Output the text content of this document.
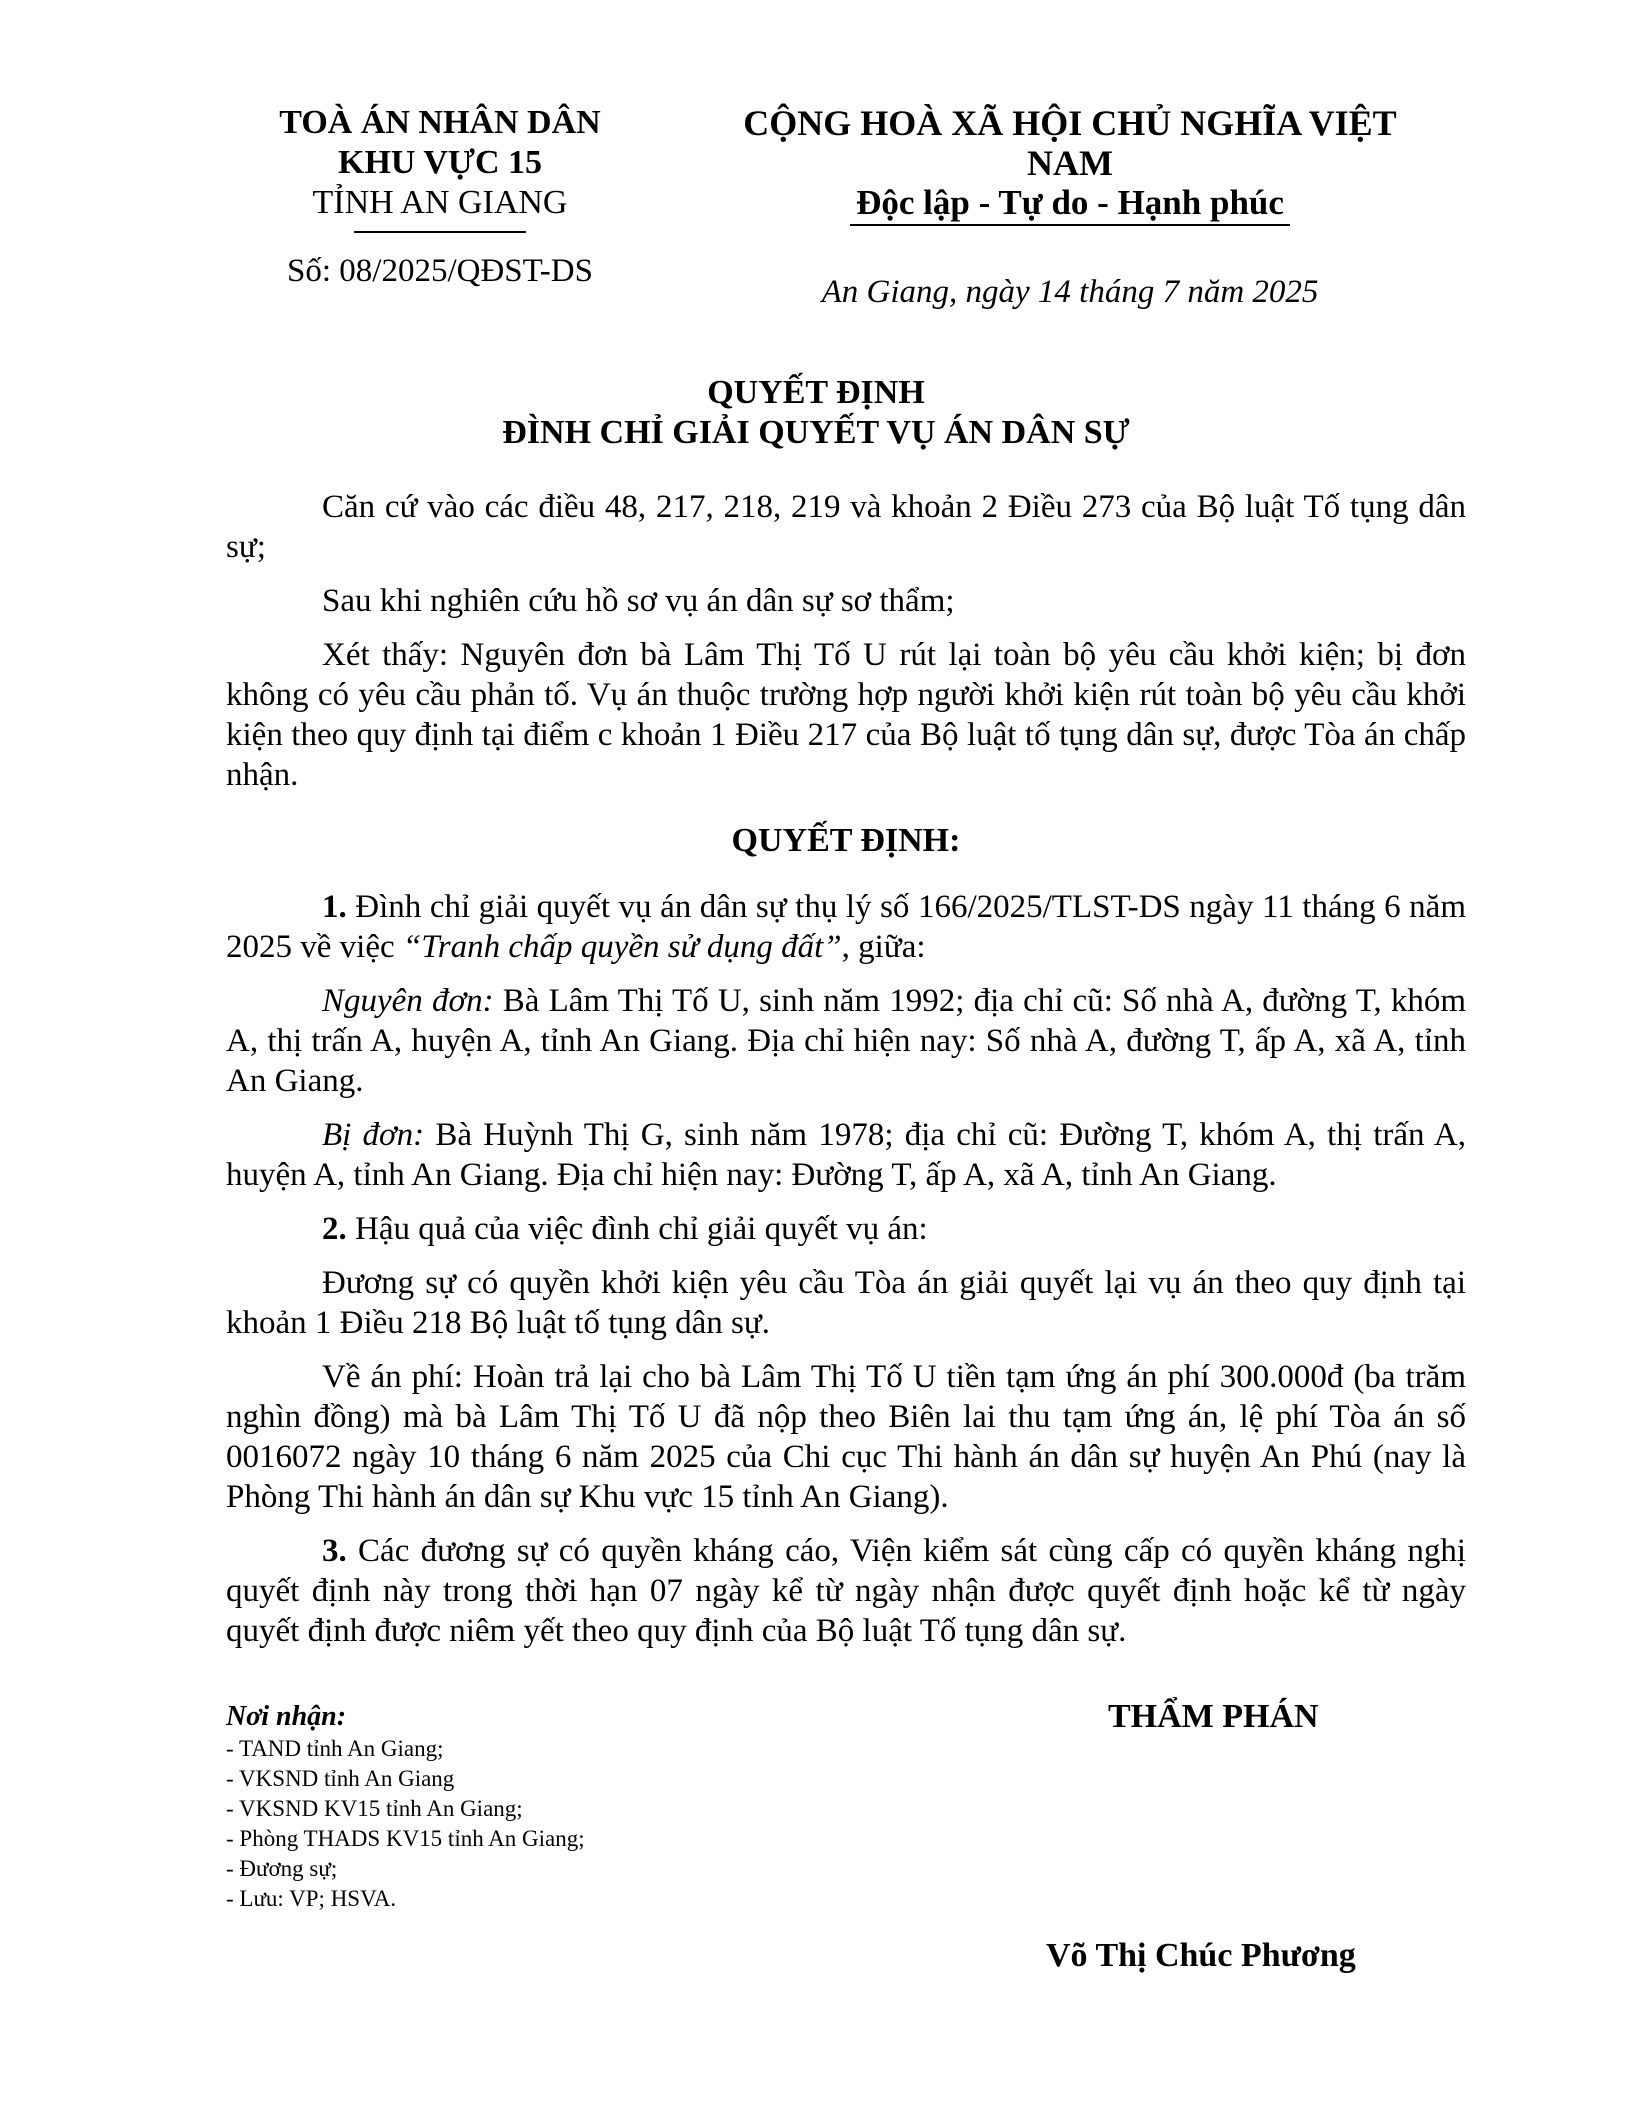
TOÀ ÁN NHÂN DÂN
KHU VỰC 15
TỈNH AN GIANG
Số: 08/2025/QĐST-DS
CỘNG HOÀ XÃ HỘI CHỦ NGHĨA VIỆT NAM
Độc lập - Tự do - Hạnh phúc
An Giang, ngày 14 tháng 7 năm 2025
QUYẾT ĐỊNH
ĐÌNH CHỈ GIẢI QUYẾT VỤ ÁN DÂN SỰ

Căn cứ vào các điều 48, 217, 218, 219 và khoản 2 Điều 273 của Bộ luật Tố tụng dân sự;

Sau khi nghiên cứu hồ sơ vụ án dân sự sơ thẩm;

Xét thấy: Nguyên đơn bà Lâm Thị Tố U rút lại toàn bộ yêu cầu khởi kiện; bị đơn không có yêu cầu phản tố. Vụ án thuộc trường hợp người khởi kiện rút toàn bộ yêu cầu khởi kiện theo quy định tại điểm c khoản 1 Điều 217 của Bộ luật tố tụng dân sự, được Tòa án chấp nhận.

QUYẾT ĐỊNH:

1. Đình chỉ giải quyết vụ án dân sự thụ lý số 166/2025/TLST-DS ngày 11 tháng 6 năm 2025 về việc “Tranh chấp quyền sử dụng đất”, giữa:

Nguyên đơn: Bà Lâm Thị Tố U, sinh năm 1992; địa chỉ cũ: Số nhà A, đường T, khóm A, thị trấn A, huyện A, tỉnh An Giang. Địa chỉ hiện nay: Số nhà A, đường T, ấp A, xã A, tỉnh An Giang.

Bị đơn: Bà Huỳnh Thị G, sinh năm 1978; địa chỉ cũ: Đường T, khóm A, thị trấn A, huyện A, tỉnh An Giang. Địa chỉ hiện nay: Đường T, ấp A, xã A, tỉnh An Giang.

2. Hậu quả của việc đình chỉ giải quyết vụ án:

Đương sự có quyền khởi kiện yêu cầu Tòa án giải quyết lại vụ án theo quy định tại khoản 1 Điều 218 Bộ luật tố tụng dân sự.

Về án phí: Hoàn trả lại cho bà Lâm Thị Tố U tiền tạm ứng án phí 300.000đ (ba trăm nghìn đồng) mà bà Lâm Thị Tố U đã nộp theo Biên lai thu tạm ứng án, lệ phí Tòa án số 0016072 ngày 10 tháng 6 năm 2025 của Chi cục Thi hành án dân sự huyện An Phú (nay là Phòng Thi hành án dân sự Khu vực 15 tỉnh An Giang).

3. Các đương sự có quyền kháng cáo, Viện kiểm sát cùng cấp có quyền kháng nghị quyết định này trong thời hạn 07 ngày kể từ ngày nhận được quyết định hoặc kể từ ngày quyết định được niêm yết theo quy định của Bộ luật Tố tụng dân sự.

Nơi nhận:
- TAND tỉnh An Giang;
- VKSND tỉnh An Giang
- VKSND KV15 tỉnh An Giang;
- Phòng THADS KV15 tỉnh An Giang;
- Đương sự;
- Lưu: VP; HSVA.
THẨM PHÁN
Võ Thị Chúc Phương
